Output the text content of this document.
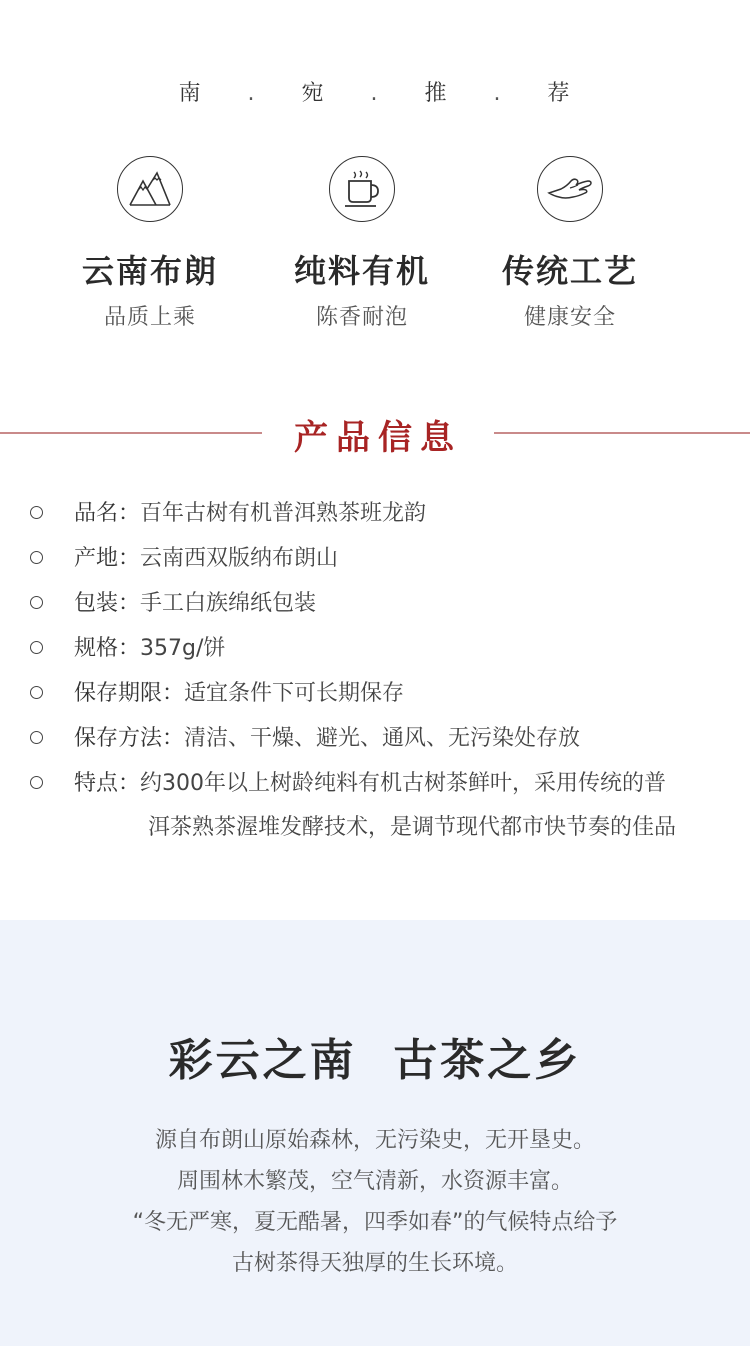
南 . 宛 . 推 . 荐
云南布朗
品质上乘
纯料有机
陈香耐泡
传统工艺
健康安全
产品信息
品名：百年古树有机普洱熟茶班龙韵
产地：云南西双版纳布朗山
包装：手工白族绵纸包装
规格：357g/饼
保存期限：适宜条件下可长期保存
保存方法：清洁、干燥、避光、通风、无污染处存放
特点：约300年以上树龄纯料有机古树茶鲜叶，采用传统的普
洱茶熟茶渥堆发酵技术，是调节现代都市快节奏的佳品
彩云之南  古茶之乡

源自布朗山原始森林，无污染史，无开垦史。

周围林木繁茂，空气清新，水资源丰富。

“冬无严寒，夏无酷暑，四季如春”的气候特点给予

古树茶得天独厚的生长环境。
